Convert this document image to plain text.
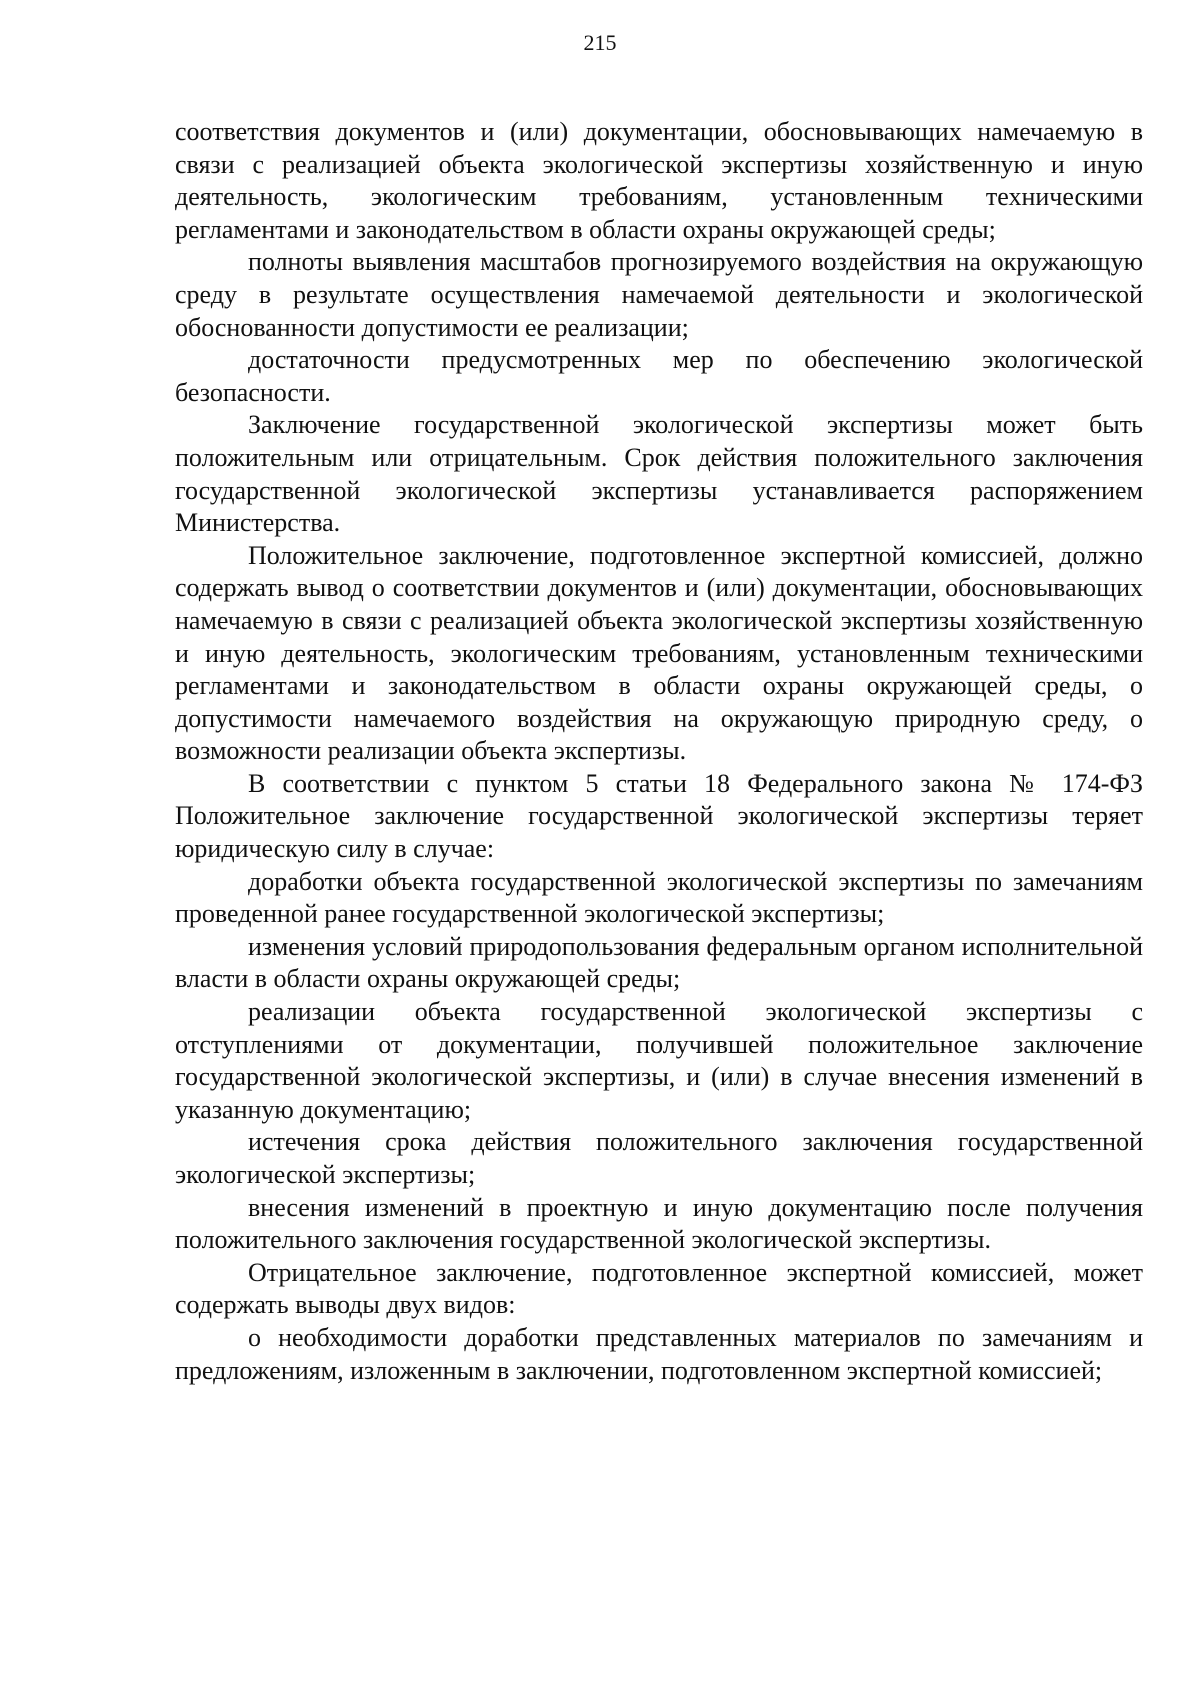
215

соответствия документов и (или) документации, обосновывающих намечаемую в связи с реализацией объекта экологической экспертизы хозяйственную и иную деятельность, экологическим требованиям, установленным техническими регламентами и законодательством в области охраны окружающей среды;

полноты выявления масштабов прогнозируемого воздействия на окружающую среду в результате осуществления намечаемой деятельности и экологической обоснованности допустимости ее реализации;

достаточности предусмотренных мер по обеспечению экологической безопасности.

Заключение государственной экологической экспертизы может быть положительным или отрицательным. Срок действия положительного заключения государственной экологической экспертизы устанавливается распоряжением Министерства.

Положительное заключение, подготовленное экспертной комиссией, должно содержать вывод о соответствии документов и (или) документации, обосновывающих намечаемую в связи с реализацией объекта экологической экспертизы хозяйственную и иную деятельность, экологическим требованиям, установленным техническими регламентами и законодательством в области охраны окружающей среды, о допустимости намечаемого воздействия на окружающую природную среду, о возможности реализации объекта экспертизы.

В соответствии с пунктом 5 статьи 18 Федерального закона № 174-ФЗ Положительное заключение государственной экологической экспертизы теряет юридическую силу в случае:

доработки объекта государственной экологической экспертизы по замечаниям проведенной ранее государственной экологической экспертизы;

изменения условий природопользования федеральным органом исполнительной власти в области охраны окружающей среды;

реализации объекта государственной экологической экспертизы с отступлениями от документации, получившей положительное заключение государственной экологической экспертизы, и (или) в случае внесения изменений в указанную документацию;

истечения срока действия положительного заключения государственной экологической экспертизы;

внесения изменений в проектную и иную документацию после получения положительного заключения государственной экологической экспертизы.

Отрицательное заключение, подготовленное экспертной комиссией, может содержать выводы двух видов:

о необходимости доработки представленных материалов по замечаниям и предложениям, изложенным в заключении, подготовленном экспертной комиссией;
